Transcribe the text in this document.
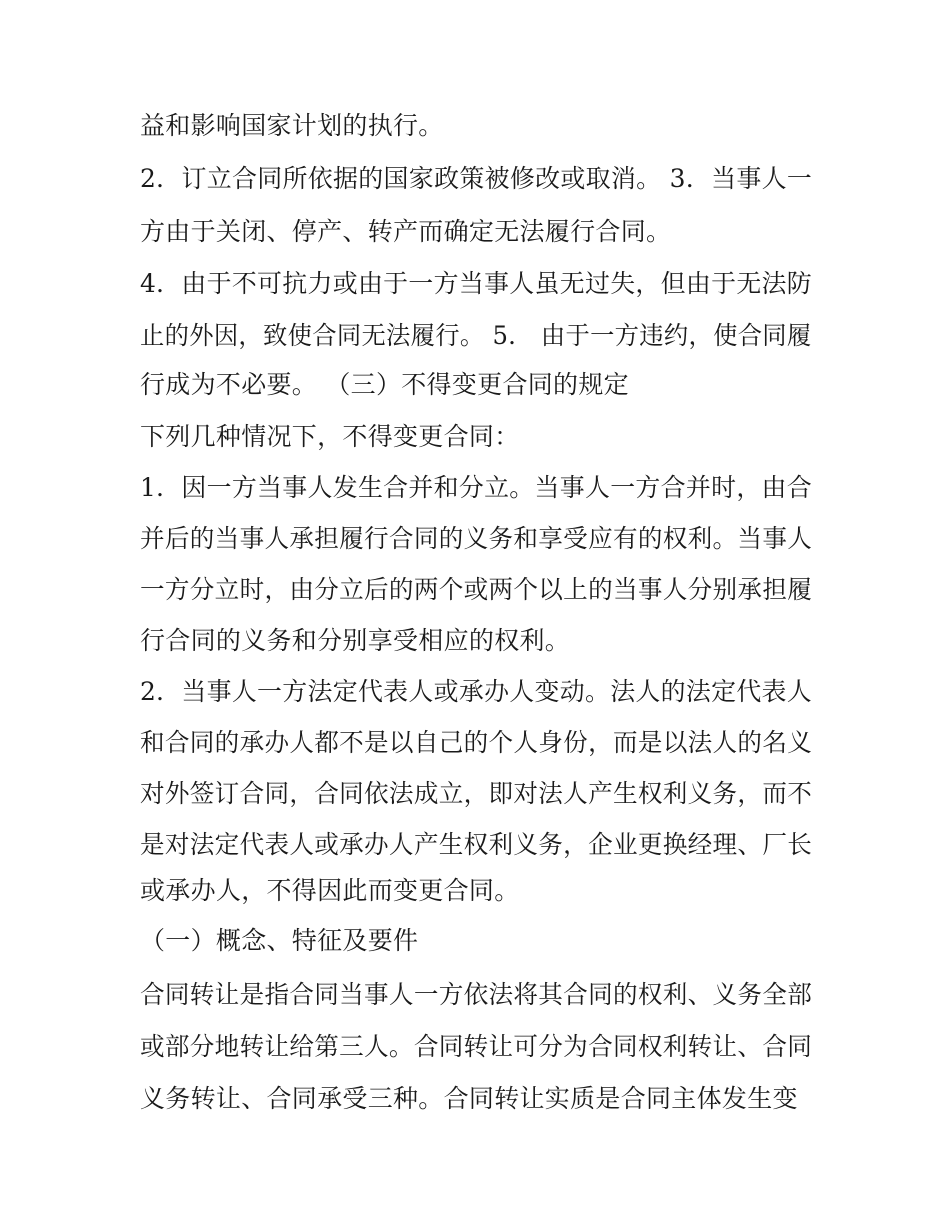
益和影响国家计划的执行。
2．订立合同所依据的国家政策被修改或取消。 3．当事人一
方由于关闭、停产、转产而确定无法履行合同。
4．由于不可抗力或由于一方当事人虽无过失，但由于无法防
止的外因，致使合同无法履行。 5． 由于一方违约，使合同履
行成为不必要。 （三）不得变更合同的规定
下列几种情况下，不得变更合同：
1．因一方当事人发生合并和分立。当事人一方合并时，由合
并后的当事人承担履行合同的义务和享受应有的权利。当事人
一方分立时，由分立后的两个或两个以上的当事人分别承担履
行合同的义务和分别享受相应的权利。
2．当事人一方法定代表人或承办人变动。法人的法定代表人
和合同的承办人都不是以自己的个人身份，而是以法人的名义
对外签订合同，合同依法成立，即对法人产生权利义务，而不
是对法定代表人或承办人产生权利义务，企业更换经理、厂长
或承办人，不得因此而变更合同。
（一）概念、特征及要件
合同转让是指合同当事人一方依法将其合同的权利、义务全部
或部分地转让给第三人。合同转让可分为合同权利转让、合同
义务转让、合同承受三种。合同转让实质是合同主体发生变
